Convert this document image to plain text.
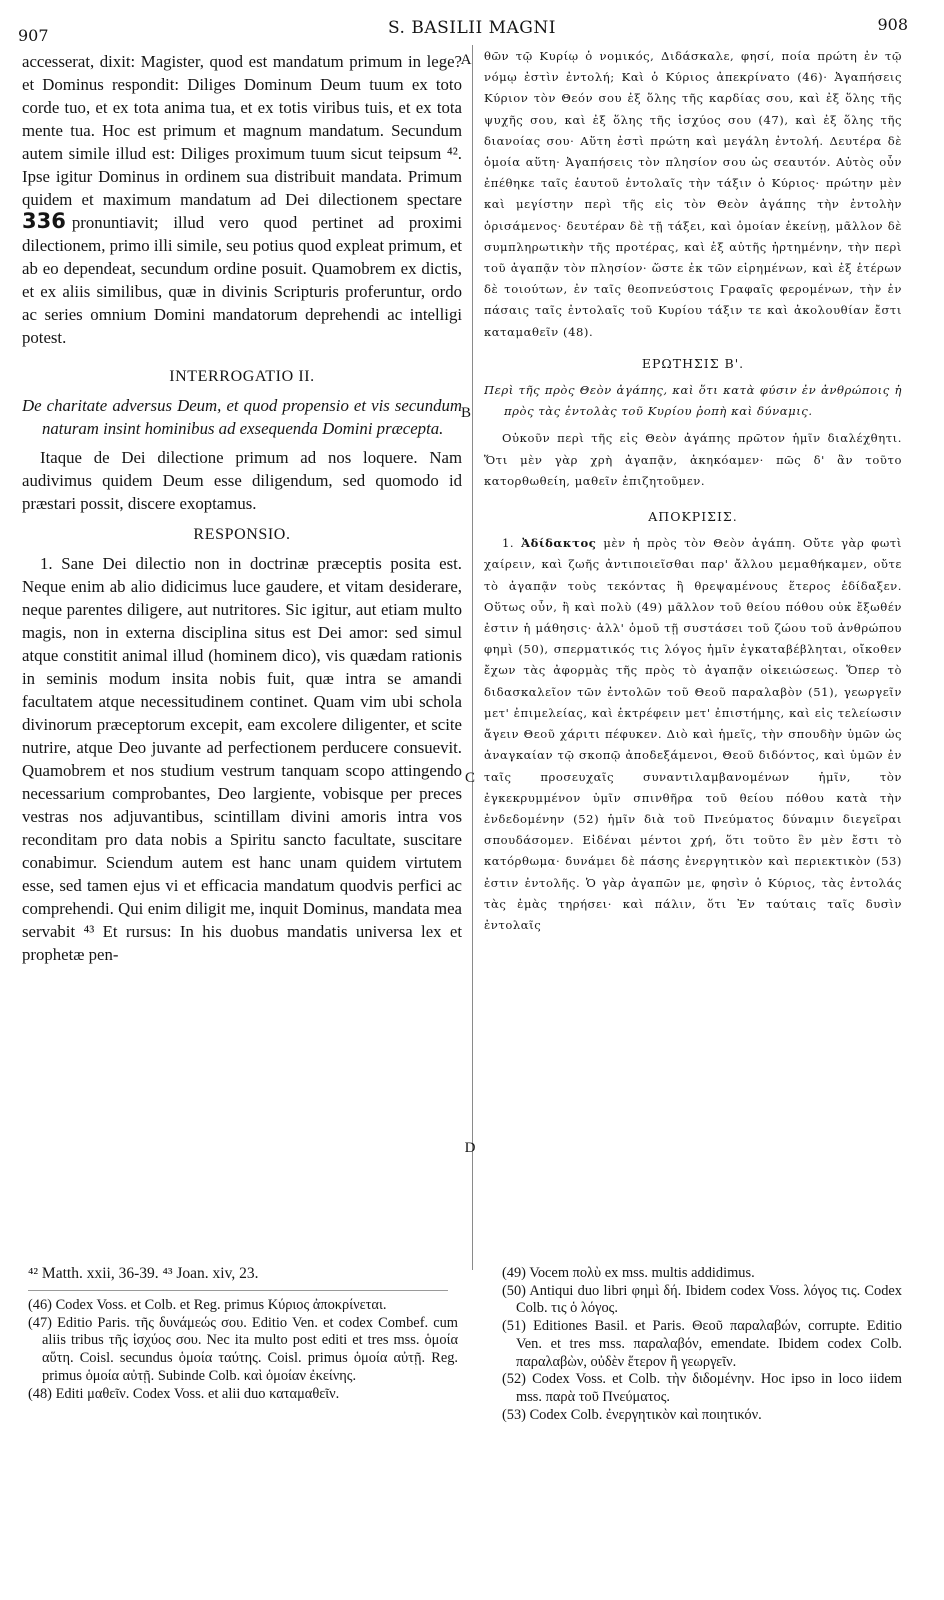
907	S. BASILII MAGNI	908
A
B
C
D

accesserat, dixit: Magister, quod est mandatum primum in lege? et Dominus respondit: Diliges Dominum Deum tuum ex toto corde tuo, et ex tota anima tua, et ex totis viribus tuis, et ex tota mente tua. Hoc est primum et magnum mandatum. Secundum autem simile illud est: Diliges proximum tuum sicut teipsum ⁴². Ipse igitur Dominus in ordinem sua distribuit mandata. Primum quidem et maximum mandatum ad Dei dilectionem spectare 336 pronuntiavit; illud vero quod pertinet ad proximi dilectionem, primo illi simile, seu potius quod expleat primum, et ab eo dependeat, secundum ordine posuit. Quamobrem ex dictis, et ex aliis similibus, quæ in divinis Scripturis proferuntur, ordo ac series omnium Domini mandatorum deprehendi ac intelligi potest.

INTERROGATIO II.

De charitate adversus Deum, et quod propensio et vis secundum naturam insint hominibus ad exsequenda Domini præcepta.

Itaque de Dei dilectione primum ad nos loquere. Nam audivimus quidem Deum esse diligendum, sed quomodo id præstari possit, discere exoptamus.

RESPONSIO.

1. Sane Dei dilectio non in doctrinæ præceptis posita est. Neque enim ab alio didicimus luce gaudere, et vitam desiderare, neque parentes diligere, aut nutritores. Sic igitur, aut etiam multo magis, non in externa disciplina situs est Dei amor: sed simul atque constitit animal illud (hominem dico), vis quædam rationis in seminis modum insita nobis fuit, quæ intra se amandi facultatem atque necessitudinem continet. Quam vim ubi schola divinorum præceptorum excepit, eam excolere diligenter, et scite nutrire, atque Deo juvante ad perfectionem perducere consuevit. Quamobrem et nos studium vestrum tanquam scopo attingendo necessarium comprobantes, Deo largiente, vobisque per preces vestras nos adjuvantibus, scintillam divini amoris intra vos reconditam pro data nobis a Spiritu sancto facultate, suscitare conabimur. Sciendum autem est hanc unam quidem virtutem esse, sed tamen ejus vi et efficacia mandatum quodvis perfici ac comprehendi. Qui enim diligit me, inquit Dominus, mandata mea servabit ⁴³ Et rursus: In his duobus mandatis universa lex et prophetæ pen-

⁴² Matth. xxii, 36-39. ⁴³ Joan. xiv, 23.

θῶν τῷ Κυρίῳ ὁ νομικός, Διδάσκαλε, φησί, ποία πρώτη ἐν τῷ νόμῳ ἐστὶν ἐντολή; Καὶ ὁ Κύριος ἀπεκρίνατο (46)· Ἀγαπήσεις Κύριον τὸν Θεόν σου ἐξ ὅλης τῆς καρδίας σου, καὶ ἐξ ὅλης τῆς ψυχῆς σου, καὶ ἐξ ὅλης τῆς ἰσχύος σου (47), καὶ ἐξ ὅλης τῆς διανοίας σου· Αὕτη ἐστὶ πρώτη καὶ μεγάλη ἐντολή. Δευτέρα δὲ ὁμοία αὕτη· Ἀγαπήσεις τὸν πλησίον σου ὡς σεαυτόν. Αὐτὸς οὖν ἐπέθηκε ταῖς ἑαυτοῦ ἐντολαῖς τὴν τάξιν ὁ Κύριος· πρώτην μὲν καὶ μεγίστην περὶ τῆς εἰς τὸν Θεὸν ἀγάπης τὴν ἐντολὴν ὁρισάμενος· δευτέραν δὲ τῇ τάξει, καὶ ὁμοίαν ἐκείνῃ, μᾶλλον δὲ συμπληρωτικὴν τῆς προτέρας, καὶ ἐξ αὐτῆς ἠρτημένην, τὴν περὶ τοῦ ἀγαπᾷν τὸν πλησίον· ὥστε ἐκ τῶν εἰρημένων, καὶ ἐξ ἑτέρων δὲ τοιούτων, ἐν ταῖς θεοπνεύστοις Γραφαῖς φερομένων, τὴν ἐν πάσαις ταῖς ἐντολαῖς τοῦ Κυρίου τάξιν τε καὶ ἀκολουθίαν ἔστι καταμαθεῖν (48).

ΕΡΩΤΗΣΙΣ Β'.

Περὶ τῆς πρὸς Θεὸν ἀγάπης, καὶ ὅτι κατὰ φύσιν ἐν ἀνθρώποις ἡ πρὸς τὰς ἐντολὰς τοῦ Κυρίου ῥοπὴ καὶ δύναμις.

Οὐκοῦν περὶ τῆς εἰς Θεὸν ἀγάπης πρῶτον ἡμῖν διαλέχθητι. Ὅτι μὲν γὰρ χρὴ ἀγαπᾷν, ἀκηκόαμεν· πῶς δ' ἂν τοῦτο κατορθωθείη, μαθεῖν ἐπιζητοῦμεν.

ΑΠΟΚΡΙΣΙΣ.

1. Ἀδίδακτος μὲν ἡ πρὸς τὸν Θεὸν ἀγάπη. Οὔτε γὰρ φωτὶ χαίρειν, καὶ ζωῆς ἀντιποιεῖσθαι παρ' ἄλλου μεμαθήκαμεν, οὔτε τὸ ἀγαπᾷν τοὺς τεκόντας ἢ θρεψαμένους ἕτερος ἐδίδαξεν. Οὕτως οὖν, ἢ καὶ πολὺ (49) μᾶλλον τοῦ θείου πόθου οὐκ ἔξωθέν ἐστιν ἡ μάθησις· ἀλλ' ὁμοῦ τῇ συστάσει τοῦ ζώου τοῦ ἀνθρώπου φημὶ (50), σπερματικός τις λόγος ἡμῖν ἐγκαταβέβληται, οἴκοθεν ἔχων τὰς ἀφορμὰς τῆς πρὸς τὸ ἀγαπᾷν οἰκειώσεως. Ὅπερ τὸ διδασκαλεῖον τῶν ἐντολῶν τοῦ Θεοῦ παραλαβὸν (51), γεωργεῖν μετ' ἐπιμελείας, καὶ ἐκτρέφειν μετ' ἐπιστήμης, καὶ εἰς τελείωσιν ἄγειν Θεοῦ χάριτι πέφυκεν. Διὸ καὶ ἡμεῖς, τὴν σπουδὴν ὑμῶν ὡς ἀναγκαίαν τῷ σκοπῷ ἀποδεξάμενοι, Θεοῦ διδόντος, καὶ ὑμῶν ἐν ταῖς προσευχαῖς συναντιλαμβανομένων ἡμῖν, τὸν ἐγκεκρυμμένον ὑμῖν σπινθῆρα τοῦ θείου πόθου κατὰ τὴν ἐνδεδομένην (52) ἡμῖν διὰ τοῦ Πνεύματος δύναμιν διεγεῖραι σπουδάσομεν. Εἰδέναι μέντοι χρή, ὅτι τοῦτο ἓν μὲν ἔστι τὸ κατόρθωμα· δυνάμει δὲ πάσης ἐνεργητικὸν καὶ περιεκτικὸν (53) ἐστιν ἐντολῆς. Ὁ γὰρ ἀγαπῶν με, φησὶν ὁ Κύριος, τὰς ἐντολάς τὰς ἐμὰς τηρήσει· καὶ πάλιν, ὅτι Ἐν ταύταις ταῖς δυσὶν ἐντολαῖς

(46) Codex Voss. et Colb. et Reg. primus Κύριος ἀποκρίνεται.

(47) Editio Paris. τῆς δυνάμεώς σου. Editio Ven. et codex Combef. cum aliis tribus τῆς ἰσχύος σου. Nec ita multo post editi et tres mss. ὁμοία αὕτη. Coisl. secundus ὁμοία ταύτης. Coisl. primus ὁμοία αὐτῇ. Reg. primus ὁμοία αὐτῇ. Subinde Colb. καὶ ὁμοίαν ἐκείνης.

(48) Editi μαθεῖν. Codex Voss. et alii duo καταμαθεῖν.

(49) Vocem πολὺ ex mss. multis addidimus.

(50) Antiqui duo libri φημὶ δή. Ibidem codex Voss. λόγος τις. Codex Colb. τις ὁ λόγος.

(51) Editiones Basil. et Paris. Θεοῦ παραλαβών, corrupte. Editio Ven. et tres mss. παραλαβόν, emendate. Ibidem codex Colb. παραλαβὼν, οὐδὲν ἕτερον ἢ γεωργεῖν.

(52) Codex Voss. et Colb. τὴν διδομένην. Hoc ipso in loco iidem mss. παρὰ τοῦ Πνεύματος.

(53) Codex Colb. ἐνεργητικὸν καὶ ποιητικόν.
